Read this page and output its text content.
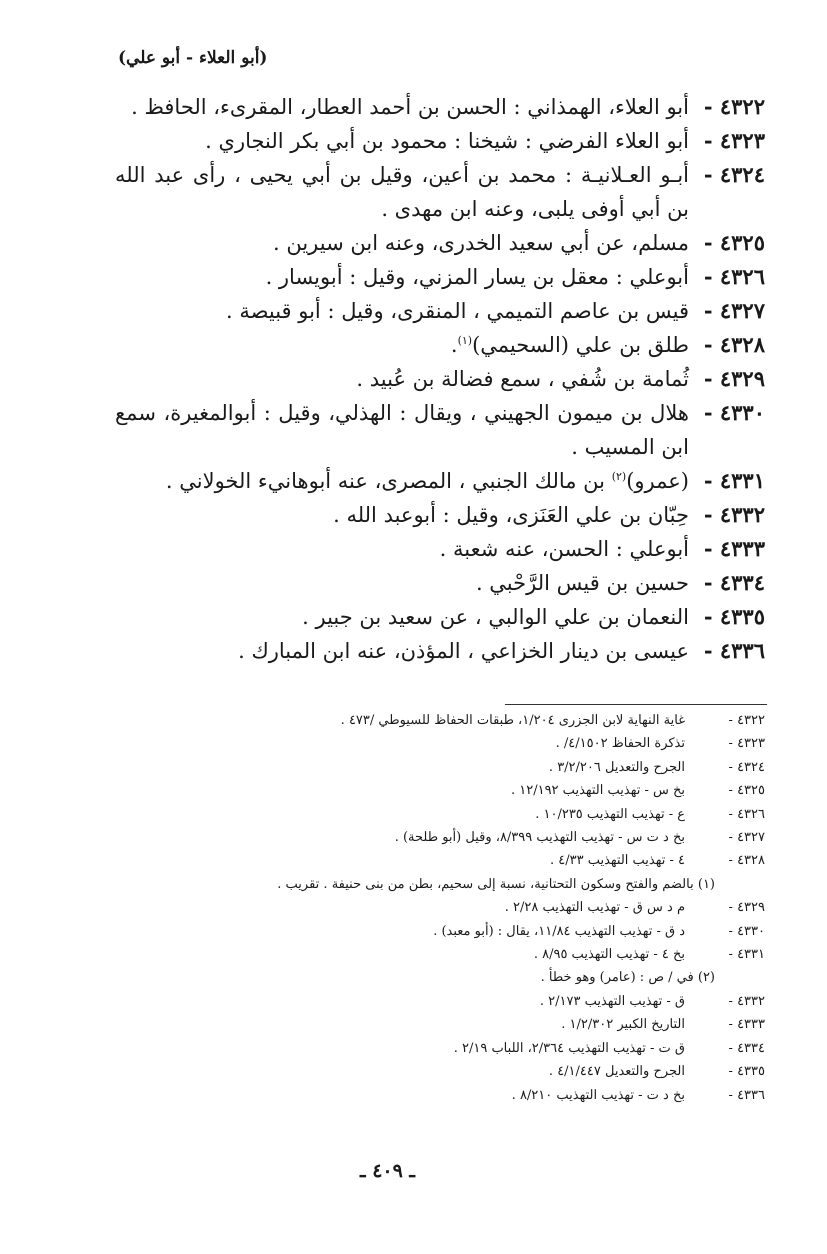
(أبو العلاء - أبو علي)
٤٣٢٢ -
أبو العلاء، الهمذاني : الحسن بن أحمد العطار، المقرىء، الحافظ .
٤٣٢٣ -
أبو العلاء الفرضي : شيخنا : محمود بن أبي بكر النجاري .
٤٣٢٤ -
أبـو العـلانيـة : محمد بن أعين، وقيل بن أبي يحيى ، رأى عبد الله بن أبي أوفى يلبى، وعنه ابن مهدى .
٤٣٢٥ -
مسلم، عن أبي سعيد الخدرى، وعنه ابن سيرين .
٤٣٢٦ -
أبوعلي : معقل بن يسار المزني، وقيل : أبويسار .
٤٣٢٧ -
قيس بن عاصم التميمي ، المنقرى، وقيل : أبو قبيصة .
٤٣٢٨ -
طلق بن علي (السحيمي)$^{(١)}$.
٤٣٢٩ -
ثُمامة بن شُفي ، سمع فضالة بن عُبيد .
٤٣٣٠ -
هلال بن ميمون الجهيني ، ويقال : الهذلي، وقيل : أبوالمغيرة، سمع ابن المسيب .
٤٣٣١ -
(عمرو)$^{(٢)}$ بن مالك الجنبي ، المصرى، عنه أبوهانيء الخولاني .
٤٣٣٢ -
حِبّان بن علي العَنَزى، وقيل : أبوعبد الله .
٤٣٣٣ -
أبوعلي : الحسن، عنه شعبة .
٤٣٣٤ -
حسين بن قيس الرَّحْبي .
٤٣٣٥ -
النعمان بن علي الوالبي ، عن سعيد بن جبير .
٤٣٣٦ -
عيسى بن دينار الخزاعي ، المؤذن، عنه ابن المبارك .
٤٣٢٢ -
غاية النهاية لابن الجزرى ١/٢٠٤، طبقات الحفاظ للسيوطي /٤٧٣ .
٤٣٢٣ -
تذكرة الحفاظ ٤/١٥٠٢/ .
٤٣٢٤ -
الجرح والتعديل ٣/٢/٢٠٦ .
٤٣٢٥ -
بخ س - تهذيب التهذيب ١٢/١٩٢ .
٤٣٢٦ -
ع - تهذيب التهذيب ١٠/٢٣٥ .
٤٣٢٧ -
بخ د ت س - تهذيب التهذيب ٨/٣٩٩، وقيل (أبو طلحة) .
٤٣٢٨ -
٤ - تهذيب التهذيب ٤/٣٣ .
(١) بالضم والفتح وسكون التحتانية، نسبة إلى سحيم، بطن من بنى حنيفة . تقريب .
٤٣٢٩ -
م د س ق - تهذيب التهذيب ٢/٢٨ .
٤٣٣٠ -
د ق - تهذيب التهذيب ١١/٨٤، يقال : (أبو معبد) .
٤٣٣١ -
بخ ٤ - تهذيب التهذيب ٨/٩٥ .
(٢) في / ص : (عامر) وهو خطأ .
٤٣٣٢ -
ق - تهذيب التهذيب ٢/١٧٣ .
٤٣٣٣ -
التاريخ الكبير ١/٢/٣٠٢ .
٤٣٣٤ -
ق ت - تهذيب التهذيب ٢/٣٦٤، اللباب ٢/١٩ .
٤٣٣٥ -
الجرح والتعديل ٤/١/٤٤٧ .
٤٣٣٦ -
بخ د ت - تهذيب التهذيب ٨/٢١٠ .
ـ ٤٠٩ ـ
